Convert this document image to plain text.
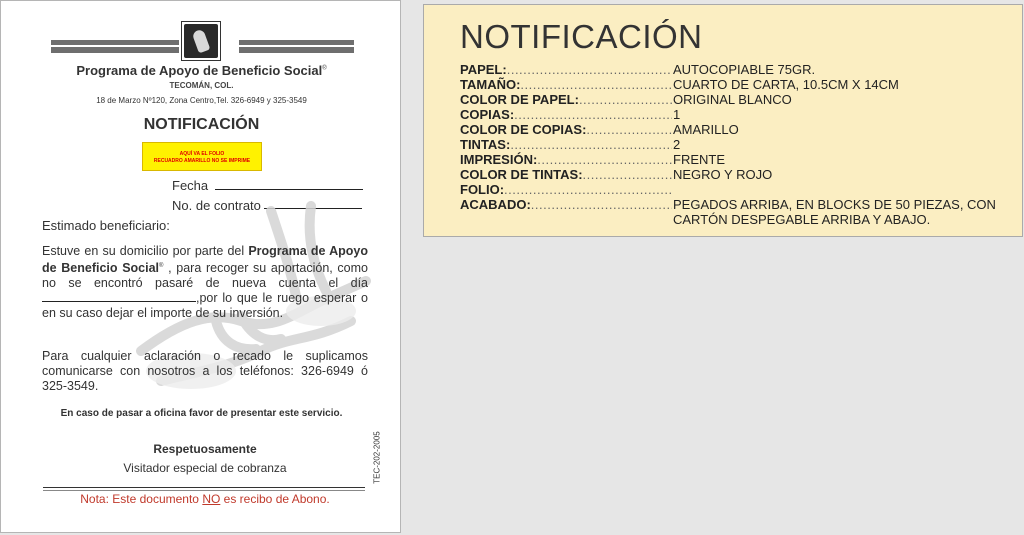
Programa de Apoyo de Beneficio Social®
TECOMÁN, COL.
18 de Marzo Nº120, Zona Centro,Tel. 326-6949 y 325-3549
NOTIFICACIÓN
AQUÍ VA EL FOLIO
RECUADRO AMARILLO NO SE IMPRIME
Fecha
No. de contrato
Estimado beneficiario:
Estuve en su domicilio por parte del Programa de Apoyo de Beneficio Social® , para recoger su aportación, como no se encontró pasaré de nueva cuenta el día,por lo que le ruego esperar o en su caso dejar el importe de su inversión.
Para cualquier aclaración o recado le suplicamos comunicarse con nosotros a los teléfonos: 326-6949 ó 325-3549.
En caso de pasar a oficina favor de presentar este servicio.
Respetuosamente
Visitador especial de cobranza
Nota: Este documento NO es recibo de Abono.
TEC-202-2005
NOTIFICACIÓN
PAPEL: .....	AUTOCOPIABLE 75GR.
TAMAÑO: .....	CUARTO DE CARTA, 10.5CM X 14CM
COLOR DE PAPEL: .....	ORIGINAL BLANCO
COPIAS: .....	1
COLOR DE COPIAS: .....	AMARILLO
TINTAS: .....	2
IMPRESIÓN: .....	FRENTE
COLOR DE TINTAS: .....	NEGRO Y ROJO
FOLIO: .....
ACABADO: .....	PEGADOS ARRIBA, EN BLOCKS DE 50 PIEZAS, CON CARTÓN DESPEGABLE ARRIBA Y ABAJO.
